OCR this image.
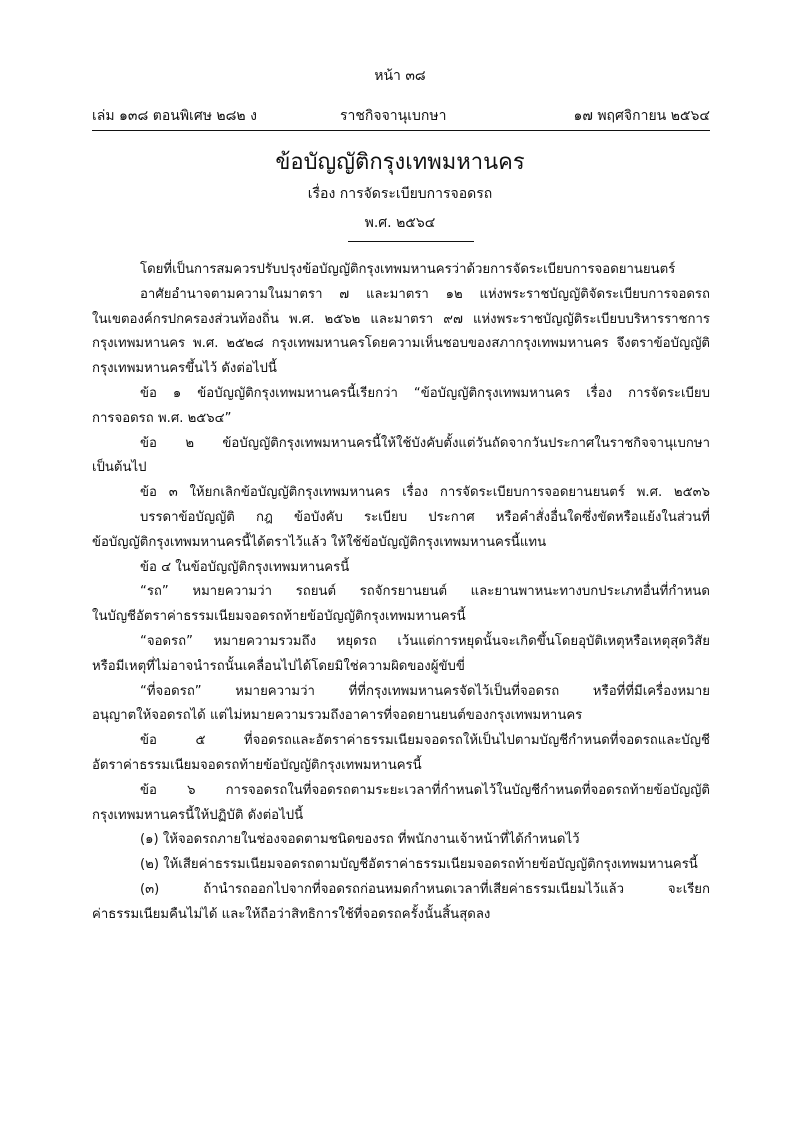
หน้า ๓๘
เล่ม ๑๓๘ ตอนพิเศษ ๒๘๒ ง	ราชกิจจานุเบกษา	๑๗ พฤศจิกายน ๒๕๖๔
ข้อบัญญัติกรุงเทพมหานคร
เรื่อง การจัดระเบียบการจอดรถ
พ.ศ. ๒๕๖๔
โดยที่เป็นการสมควรปรับปรุงข้อบัญญัติกรุงเทพมหานครว่าด้วยการจัดระเบียบการจอดยานยนตร์
อาศัยอำนาจตามความในมาตรา ๗ และมาตรา ๑๒ แห่งพระราชบัญญัติจัดระเบียบการจอดรถ
ในเขตองค์กรปกครองส่วนท้องถิ่น พ.ศ. ๒๕๖๒ และมาตรา ๙๗ แห่งพระราชบัญญัติระเบียบบริหารราชการ
กรุงเทพมหานคร พ.ศ. ๒๕๒๘ กรุงเทพมหานครโดยความเห็นชอบของสภากรุงเทพมหานคร จึงตราข้อบัญญัติ
กรุงเทพมหานครขึ้นไว้ ดังต่อไปนี้
ข้อ ๑ ข้อบัญญัติกรุงเทพมหานครนี้เรียกว่า “ข้อบัญญัติกรุงเทพมหานคร เรื่อง การจัดระเบียบ
การจอดรถ พ.ศ. ๒๕๖๔”
ข้อ ๒ ข้อบัญญัติกรุงเทพมหานครนี้ให้ใช้บังคับตั้งแต่วันถัดจากวันประกาศในราชกิจจานุเบกษา
เป็นต้นไป
ข้อ ๓ ให้ยกเลิกข้อบัญญัติกรุงเทพมหานคร เรื่อง การจัดระเบียบการจอดยานยนตร์ พ.ศ. ๒๕๓๖
บรรดาข้อบัญญัติ กฎ ข้อบังคับ ระเบียบ ประกาศ หรือคำสั่งอื่นใดซึ่งขัดหรือแย้งในส่วนที่
ข้อบัญญัติกรุงเทพมหานครนี้ได้ตราไว้แล้ว ให้ใช้ข้อบัญญัติกรุงเทพมหานครนี้แทน
ข้อ ๔ ในข้อบัญญัติกรุงเทพมหานครนี้
“รถ” หมายความว่า รถยนต์ รถจักรยานยนต์ และยานพาหนะทางบกประเภทอื่นที่กำหนด
ในบัญชีอัตราค่าธรรมเนียมจอดรถท้ายข้อบัญญัติกรุงเทพมหานครนี้
“จอดรถ” หมายความรวมถึง หยุดรถ เว้นแต่การหยุดนั้นจะเกิดขึ้นโดยอุบัติเหตุหรือเหตุสุดวิสัย
หรือมีเหตุที่ไม่อาจนำรถนั้นเคลื่อนไปได้โดยมิใช่ความผิดของผู้ขับขี่
“ที่จอดรถ” หมายความว่า ที่ที่กรุงเทพมหานครจัดไว้เป็นที่จอดรถ หรือที่ที่มีเครื่องหมาย
อนุญาตให้จอดรถได้ แต่ไม่หมายความรวมถึงอาคารที่จอดยานยนต์ของกรุงเทพมหานคร
ข้อ ๕ ที่จอดรถและอัตราค่าธรรมเนียมจอดรถให้เป็นไปตามบัญชีกำหนดที่จอดรถและบัญชี
อัตราค่าธรรมเนียมจอดรถท้ายข้อบัญญัติกรุงเทพมหานครนี้
ข้อ ๖ การจอดรถในที่จอดรถตามระยะเวลาที่กำหนดไว้ในบัญชีกำหนดที่จอดรถท้ายข้อบัญญัติ
กรุงเทพมหานครนี้ให้ปฏิบัติ ดังต่อไปนี้
(๑) ให้จอดรถภายในช่องจอดตามชนิดของรถ ที่พนักงานเจ้าหน้าที่ได้กำหนดไว้
(๒) ให้เสียค่าธรรมเนียมจอดรถตามบัญชีอัตราค่าธรรมเนียมจอดรถท้ายข้อบัญญัติกรุงเทพมหานครนี้
(๓) ถ้านำรถออกไปจากที่จอดรถก่อนหมดกำหนดเวลาที่เสียค่าธรรมเนียมไว้แล้ว จะเรียก
ค่าธรรมเนียมคืนไม่ได้ และให้ถือว่าสิทธิการใช้ที่จอดรถครั้งนั้นสิ้นสุดลง
